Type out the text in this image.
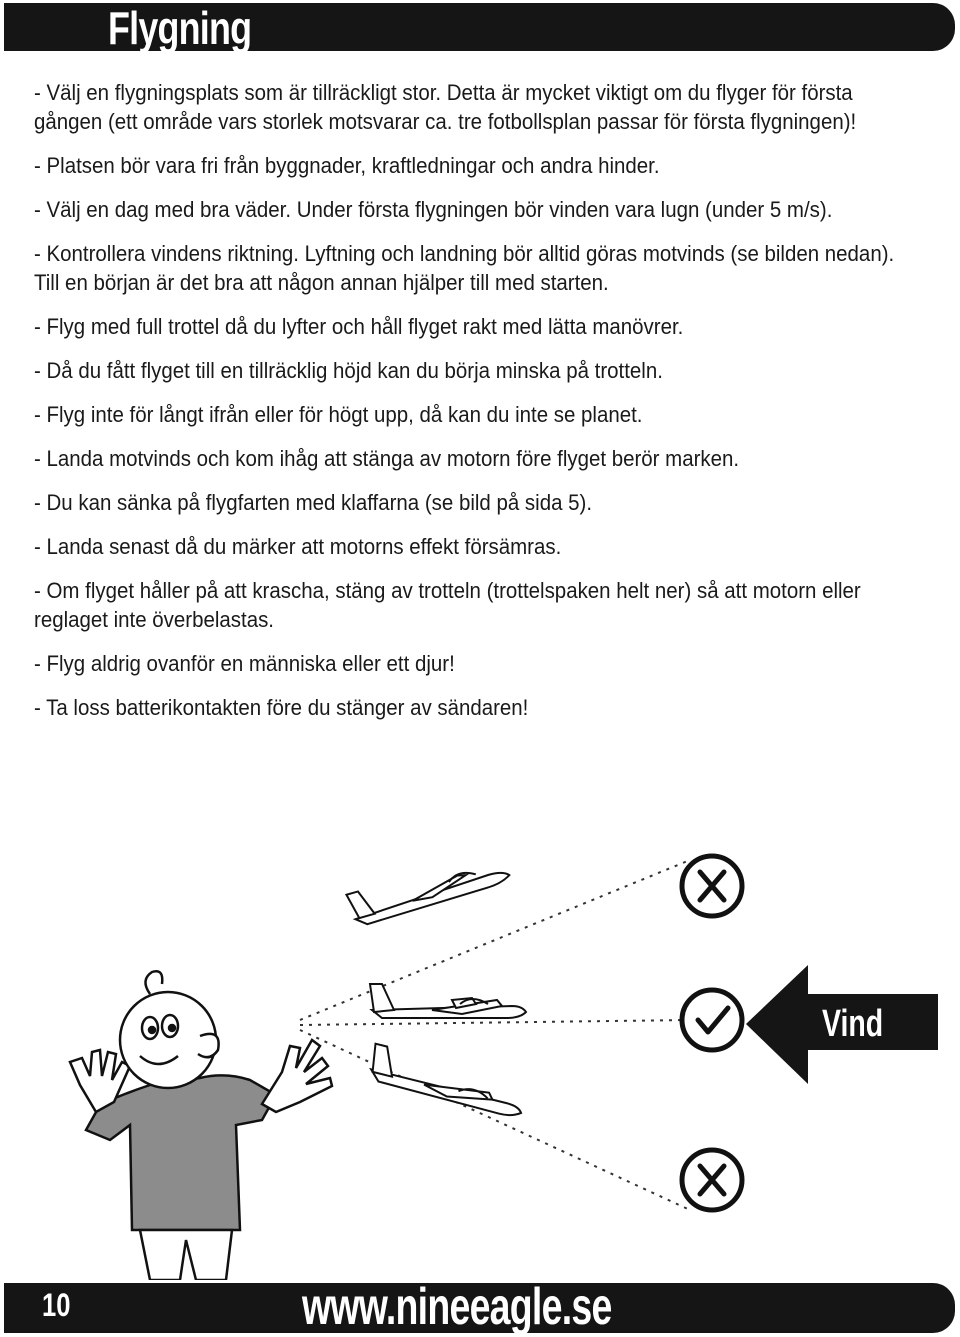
Flygning

- Välj en flygningsplats som är tillräckligt stor. Detta är mycket viktigt om du flyger för första
gången (ett område vars storlek motsvarar ca. tre fotbollsplan passar för första flygningen)!

- Platsen bör vara fri från byggnader, kraftledningar och andra hinder.

- Välj en dag med bra väder. Under första flygningen bör vinden vara lugn (under 5 m/s).

- Kontrollera vindens riktning. Lyftning och landning bör alltid göras motvinds (se bilden nedan).
Till en början är det bra att någon annan hjälper till med starten.

- Flyg med full trottel då du lyfter och håll flyget rakt med lätta manövrer.

- Då du fått flyget till en tillräcklig höjd kan du börja minska på trotteln.

- Flyg inte för långt ifrån eller för högt upp, då kan du inte se planet.

- Landa motvinds och kom ihåg att stänga av motorn före flyget berör marken.

- Du kan sänka på flygfarten med klaffarna (se bild på sida 5).

- Landa senast då du märker att motorns effekt försämras.

- Om flyget håller på att krascha, stäng av trotteln (trottelspaken helt ner) så att motorn eller
reglaget inte överbelastas.

- Flyg aldrig ovanför en människa eller ett djur!

- Ta loss batterikontakten före du stänger av sändaren!

Vind
10	www.nineeagle.se
